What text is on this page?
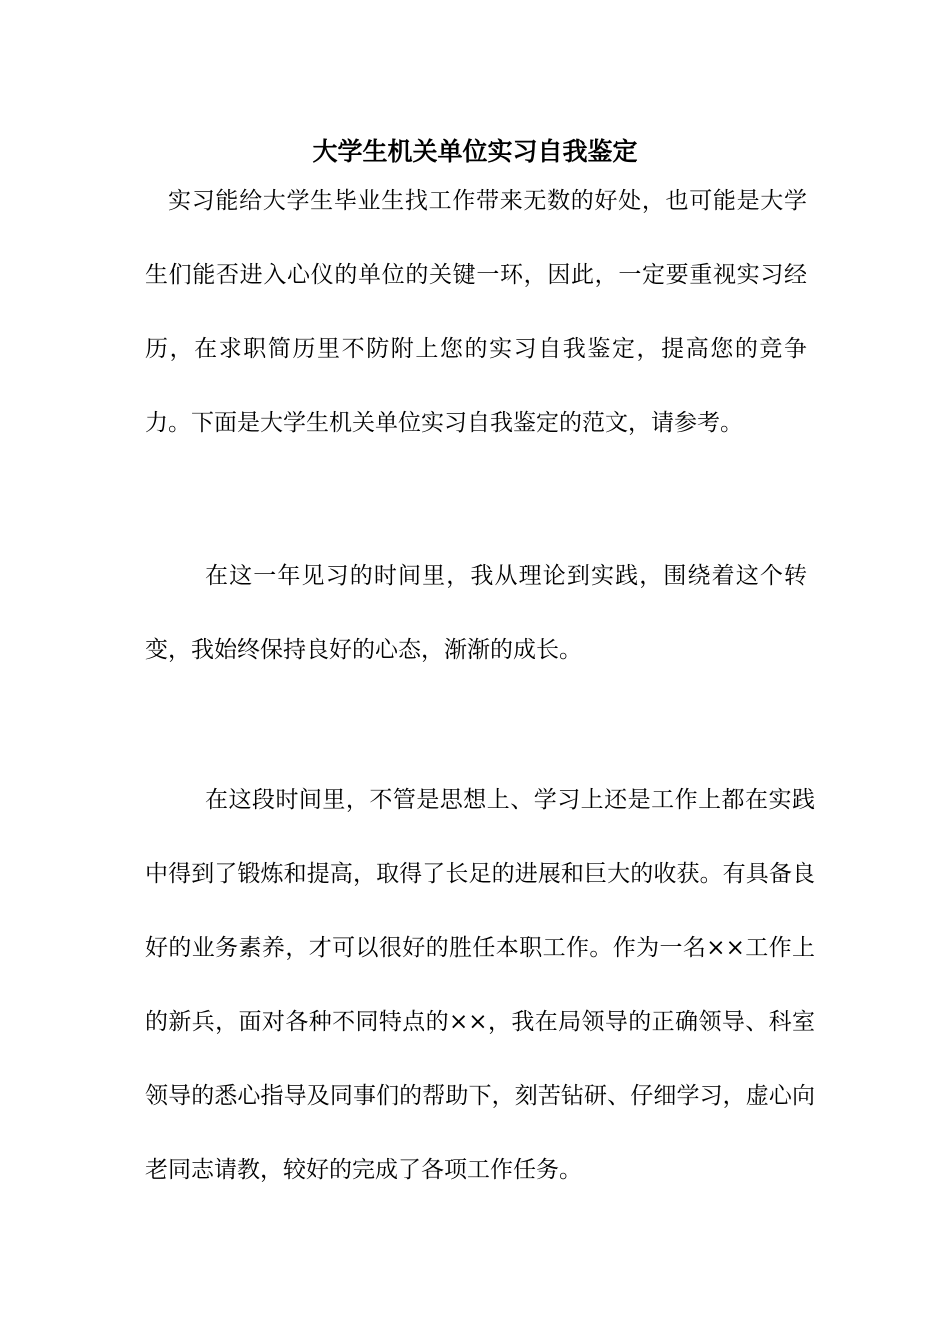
大学生机关单位实习自我鉴定

实习能给大学生毕业生找工作带来无数的好处，也可能是大学生们能否进入心仪的单位的关键一环，因此，一定要重视实习经历，在求职简历里不防附上您的实习自我鉴定，提高您的竞争力。下面是大学生机关单位实习自我鉴定的范文，请参考。

在这一年见习的时间里，我从理论到实践，围绕着这个转变，我始终保持良好的心态，渐渐的成长。

在这段时间里，不管是思想上、学习上还是工作上都在实践中得到了锻炼和提高，取得了长足的进展和巨大的收获。有具备良好的业务素养，才可以很好的胜任本职工作。作为一名××工作上的新兵，面对各种不同特点的××，我在局领导的正确领导、科室领导的悉心指导及同事们的帮助下，刻苦钻研、仔细学习，虚心向老同志请教，较好的完成了各项工作任务。
